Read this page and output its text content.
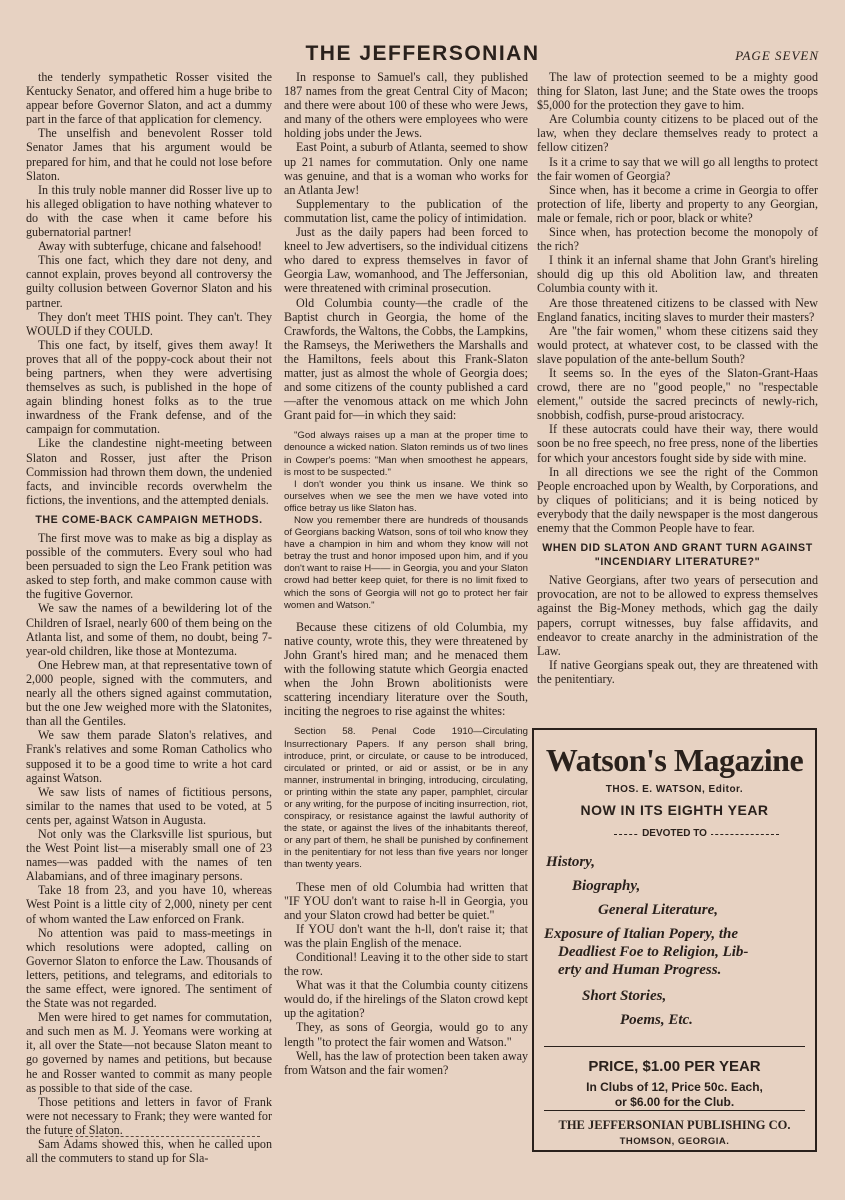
THE JEFFERSONIAN	PAGE SEVEN

the tenderly sympathetic Rosser visited the Kentucky Senator, and offered him a huge bribe to appear before Governor Slaton, and act a dummy part in the farce of that application for clemency.

The unselfish and benevolent Rosser told Senator James that his argument would be prepared for him, and that he could not lose before Slaton.

In this truly noble manner did Rosser live up to his alleged obligation to have nothing whatever to do with the case when it came before his gubernatorial partner!

Away with subterfuge, chicane and falsehood!

This one fact, which they dare not deny, and cannot explain, proves beyond all controversy the guilty collusion between Governor Slaton and his partner.

They don't meet THIS point. They can't. They WOULD if they COULD.

This one fact, by itself, gives them away! It proves that all of the poppy-cock about their not being partners, when they were advertising themselves as such, is published in the hope of again blinding honest folks as to the true inwardness of the Frank defense, and of the campaign for commutation.

Like the clandestine night-meeting between Slaton and Rosser, just after the Prison Commission had thrown them down, the undenied facts, and invincible records overwhelm the fictions, the inventions, and the attempted denials.

THE COME-BACK CAMPAIGN METHODS.

The first move was to make as big a display as possible of the commuters. Every soul who had been persuaded to sign the Leo Frank petition was asked to step forth, and make common cause with the fugitive Governor.

We saw the names of a bewildering lot of the Children of Israel, nearly 600 of them being on the Atlanta list, and some of them, no doubt, being 7-year-old children, like those at Montezuma.

One Hebrew man, at that representative town of 2,000 people, signed with the commuters, and nearly all the others signed against commutation, but the one Jew weighed more with the Slatonites, than all the Gentiles.

We saw them parade Slaton's relatives, and Frank's relatives and some Roman Catholics who supposed it to be a good time to write a hot card against Watson.

We saw lists of names of fictitious persons, similar to the names that used to be voted, at 5 cents per, against Watson in Augusta.

Not only was the Clarksville list spurious, but the West Point list—a miserably small one of 23 names—was padded with the names of ten Alabamians, and of three imaginary persons.

Take 18 from 23, and you have 10, whereas West Point is a little city of 2,000, ninety per cent of whom wanted the Law enforced on Frank.

No attention was paid to mass-meetings in which resolutions were adopted, calling on Governor Slaton to enforce the Law. Thousands of letters, petitions, and telegrams, and editorials to the same effect, were ignored. The sentiment of the State was not regarded.

Men were hired to get names for commutation, and such men as M. J. Yeomans were working at it, all over the State—not because Slaton meant to go governed by names and petitions, but because he and Rosser wanted to commit as many people as possible to that side of the case.

Those petitions and letters in favor of Frank were not necessary to Frank; they were wanted for the future of Slaton.

Sam Adams showed this, when he called upon all the commuters to stand up for Sla-

In response to Samuel's call, they published 187 names from the great Central City of Macon; and there were about 100 of these who were Jews, and many of the others were employees who were holding jobs under the Jews.

East Point, a suburb of Atlanta, seemed to show up 21 names for commutation. Only one name was genuine, and that is a woman who works for an Atlanta Jew!

Supplementary to the publication of the commutation list, came the policy of intimidation.

Just as the daily papers had been forced to kneel to Jew advertisers, so the individual citizens who dared to express themselves in favor of Georgia Law, womanhood, and The Jeffersonian, were threatened with criminal prosecution.

Old Columbia county—the cradle of the Baptist church in Georgia, the home of the Crawfords, the Waltons, the Cobbs, the Lampkins, the Ramseys, the Meriwethers the Marshalls and the Hamiltons, feels about this Frank-Slaton matter, just as almost the whole of Georgia does; and some citizens of the county published a card—after the venomous attack on me which John Grant paid for—in which they said:

"God always raises up a man at the proper time to denounce a wicked nation. Slaton reminds us of two lines in Cowper's poems: "Man when smoothest he appears, is most to be suspected."

I don't wonder you think us insane. We think so ourselves when we see the men we have voted into office betray us like Slaton has.

Now you remember there are hundreds of thousands of Georgians backing Watson, sons of toil who know they have a champion in him and whom they know will not betray the trust and honor imposed upon him, and if you don't want to raise H—— in Georgia, you and your Slaton crowd had better keep quiet, for there is no limit fixed to which the sons of Georgia will not go to protect her fair women and Watson."

Because these citizens of old Columbia, my native county, wrote this, they were threatened by John Grant's hired man; and he menaced them with the following statute which Georgia enacted when the John Brown abolitionists were scattering incendiary literature over the South, inciting the negroes to rise against the whites:

Section 58. Penal Code 1910—Circulating Insurrectionary Papers. If any person shall bring, introduce, print, or circulate, or cause to be introduced, circulated or printed, or aid or assist, or be in any manner, instrumental in bringing, introducing, circulating, or printing within the state any paper, pamphlet, circular or any writing, for the purpose of inciting insurrection, riot, conspiracy, or resistance against the lawful authority of the state, or against the lives of the inhabitants thereof, or any part of them, he shall be punished by confinement in the penitentiary for not less than five years nor longer than twenty years.

These men of old Columbia had written that "IF YOU don't want to raise h-ll in Georgia, you and your Slaton crowd had better be quiet."

If YOU don't want the h-ll, don't raise it; that was the plain English of the menace.

Conditional! Leaving it to the other side to start the row.

What was it that the Columbia county citizens would do, if the hirelings of the Slaton crowd kept up the agitation?

They, as sons of Georgia, would go to any length "to protect the fair women and Watson."

Well, has the law of protection been taken away from Watson and the fair women?

The law of protection seemed to be a mighty good thing for Slaton, last June; and the State owes the troops $5,000 for the protection they gave to him.

Are Columbia county citizens to be placed out of the law, when they declare themselves ready to protect a fellow citizen?

Is it a crime to say that we will go all lengths to protect the fair women of Georgia?

Since when, has it become a crime in Georgia to offer protection of life, liberty and property to any Georgian, male or female, rich or poor, black or white?

Since when, has protection become the monopoly of the rich?

I think it an infernal shame that John Grant's hireling should dig up this old Abolition law, and threaten Columbia county with it.

Are those threatened citizens to be classed with New England fanatics, inciting slaves to murder their masters?

Are "the fair women," whom these citizens said they would protect, at whatever cost, to be classed with the slave population of the ante-bellum South?

It seems so. In the eyes of the Slaton-Grant-Haas crowd, there are no "good people," no "respectable element," outside the sacred precincts of newly-rich, snobbish, codfish, purse-proud aristocracy.

If these autocrats could have their way, there would soon be no free speech, no free press, none of the liberties for which your ancestors fought side by side with mine.

In all directions we see the right of the Common People encroached upon by Wealth, by Corporations, and by cliques of politicians; and it is being noticed by everybody that the daily newspaper is the most dangerous enemy that the Common People have to fear.

WHEN DID SLATON AND GRANT TURN AGAINST "INCENDIARY LITERATURE?"

Native Georgians, after two years of persecution and provocation, are not to be allowed to express themselves against the Big-Money methods, which gag the daily papers, corrupt witnesses, buy false affidavits, and endeavor to create anarchy in the administration of the Law.

If native Georgians speak out, they are threatened with the penitentiary.

Watson's Magazine
THOS. E. WATSON, Editor.
NOW IN ITS EIGHTH YEAR
DEVOTED TO
History,
Biography,
General Literature,
Exposure of Italian Popery, the
Deadliest Foe to Religion, Lib-
erty and Human Progress.
Short Stories,
Poems, Etc.
PRICE, $1.00 PER YEAR
In Clubs of 12, Price 50c. Each,
or $6.00 for the Club.
THE JEFFERSONIAN PUBLISHING CO.
THOMSON, GEORGIA.
